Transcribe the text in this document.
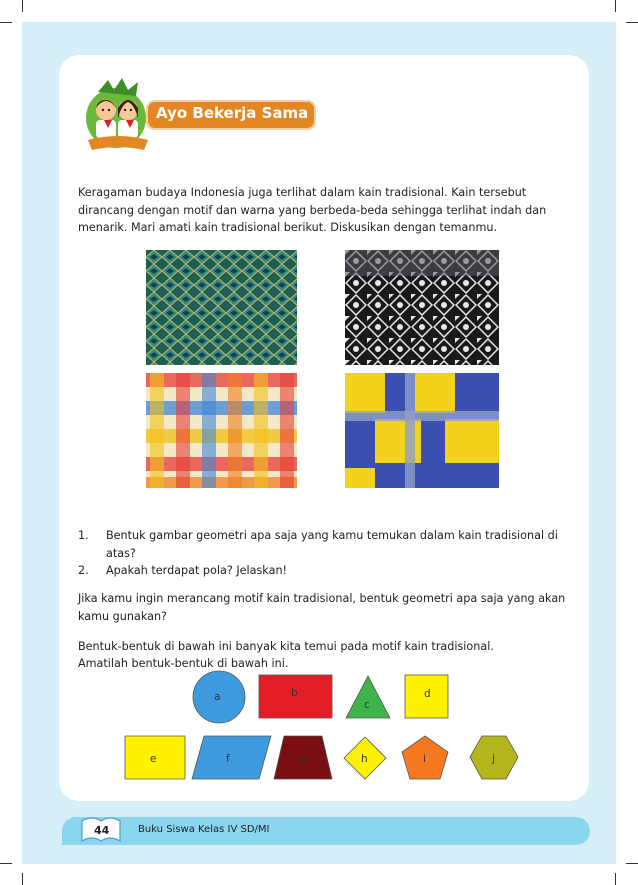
Ayo Bekerja Sama
Keragaman budaya Indonesia juga terlihat dalam kain tradisional. Kain tersebut dirancang dengan motif dan warna yang berbeda-beda sehingga terlihat indah dan menarik. Mari amati kain tradisional berikut. Diskusikan dengan temanmu.
1.	Bentuk gambar geometri apa saja yang kamu temukan dalam kain tradisional di atas?
2.	Apakah terdapat pola? Jelaskan!
Jika kamu ingin merancang motif kain tradisional, bentuk geometri apa saja yang akan kamu gunakan?
Bentuk-bentuk di bawah ini banyak kita temui pada motif kain tradisional.
Amatilah bentuk-bentuk di bawah ini.
a	b
c
d
e	f	g	h	i	j
44	Buku Siswa Kelas IV SD/MI
